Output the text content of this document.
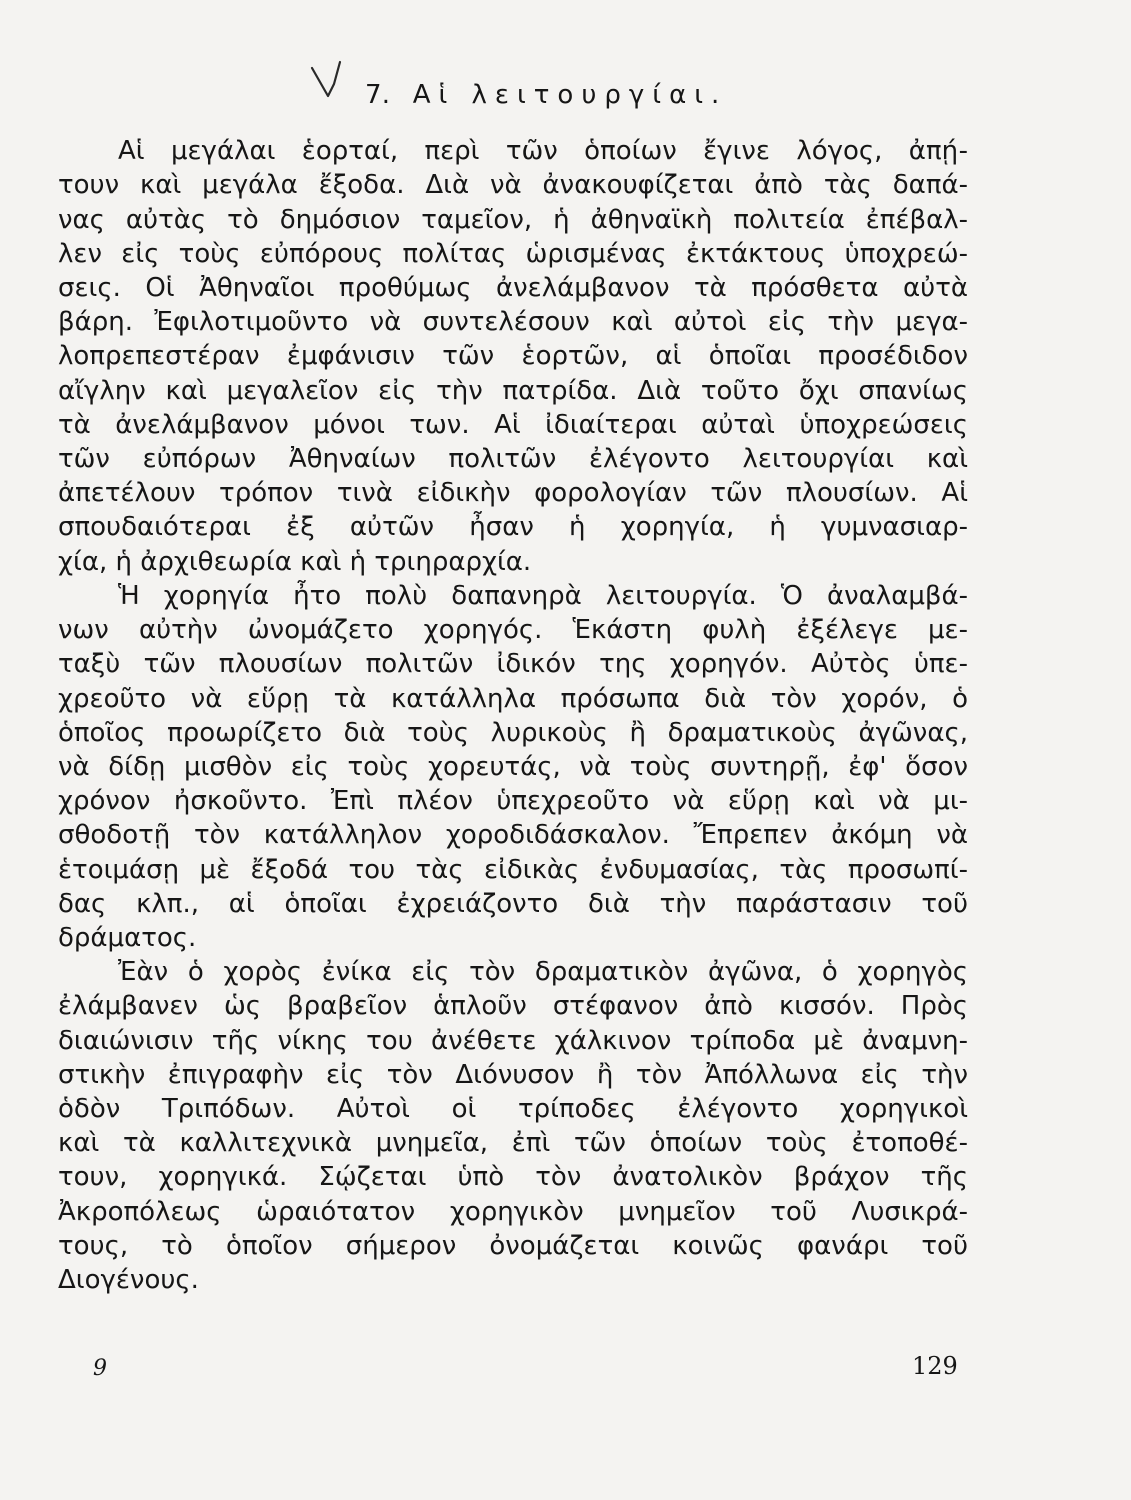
7. Αἱ λειτουργίαι.
Αἱ μεγάλαι ἑορταί, περὶ τῶν ὁποίων ἔγινε λόγος, ἀπῄ-
τουν καὶ μεγάλα ἔξοδα. Διὰ νὰ ἀνακουφίζεται ἀπὸ τὰς δαπά-
νας αὐτὰς τὸ δημόσιον ταμεῖον, ἡ ἀθηναϊκὴ πολιτεία ἐπέβαλ-
λεν εἰς τοὺς εὐπόρους πολίτας ὡρισμένας ἐκτάκτους ὑποχρεώ-
σεις. Οἱ Ἀθηναῖοι προθύμως ἀνελάμβανον τὰ πρόσθετα αὐτὰ
βάρη. Ἐφιλοτιμοῦντο νὰ συντελέσουν καὶ αὐτοὶ εἰς τὴν μεγα-
λοπρεπεστέραν ἐμφάνισιν τῶν ἑορτῶν, αἱ ὁποῖαι προσέδιδον
αἴγλην καὶ μεγαλεῖον εἰς τὴν πατρίδα. Διὰ τοῦτο ὄχι σπανίως
τὰ ἀνελάμβανον μόνοι των. Αἱ ἰδιαίτεραι αὐταὶ ὑποχρεώσεις
τῶν εὐπόρων Ἀθηναίων πολιτῶν ἐλέγοντο λειτουργίαι καὶ
ἀπετέλουν τρόπον τινὰ εἰδικὴν φορολογίαν τῶν πλουσίων. Αἱ
σπουδαιότεραι ἐξ αὐτῶν ἦσαν ἡ χορηγία, ἡ γυμνασιαρ-
χία, ἡ ἀρχιθεωρία καὶ ἡ τριηραρχία.
Ἡ χορηγία ἦτο πολὺ δαπανηρὰ λειτουργία. Ὁ ἀναλαμβά-
νων αὐτὴν ὠνομάζετο χορηγός. Ἑκάστη φυλὴ ἐξέλεγε με-
ταξὺ τῶν πλουσίων πολιτῶν ἰδικόν της χορηγόν. Αὐτὸς ὑπε-
χρεοῦτο νὰ εὕρῃ τὰ κατάλληλα πρόσωπα διὰ τὸν χορόν, ὁ
ὁποῖος προωρίζετο διὰ τοὺς λυρικοὺς ἢ δραματικοὺς ἀγῶνας,
νὰ δίδῃ μισθὸν εἰς τοὺς χορευτάς, νὰ τοὺς συντηρῇ, ἐφ' ὅσον
χρόνον ἠσκοῦντο. Ἐπὶ πλέον ὑπεχρεοῦτο νὰ εὕρῃ καὶ νὰ μι-
σθοδοτῇ τὸν κατάλληλον χοροδιδάσκαλον. Ἔπρεπεν ἀκόμη νὰ
ἑτοιμάσῃ μὲ ἔξοδά του τὰς εἰδικὰς ἐνδυμασίας, τὰς προσωπί-
δας κλπ., αἱ ὁποῖαι ἐχρειάζοντο διὰ τὴν παράστασιν τοῦ
δράματος.
Ἐὰν ὁ χορὸς ἐνίκα εἰς τὸν δραματικὸν ἀγῶνα, ὁ χορηγὸς
ἐλάμβανεν ὡς βραβεῖον ἁπλοῦν στέφανον ἀπὸ κισσόν. Πρὸς
διαιώνισιν τῆς νίκης του ἀνέθετε χάλκινον τρίποδα μὲ ἀναμνη-
στικὴν ἐπιγραφὴν εἰς τὸν Διόνυσον ἢ τὸν Ἀπόλλωνα εἰς τὴν
ὁδὸν Τριπόδων. Αὐτοὶ οἱ τρίποδες ἐλέγοντο χορηγικοὶ
καὶ τὰ καλλιτεχνικὰ μνημεῖα, ἐπὶ τῶν ὁποίων τοὺς ἐτοποθέ-
τουν, χορηγικά. Σῴζεται ὑπὸ τὸν ἀνατολικὸν βράχον τῆς
Ἀκροπόλεως ὡραιότατον χορηγικὸν μνημεῖον τοῦ Λυσικρά-
τους, τὸ ὁποῖον σήμερον ὀνομάζεται κοινῶς φανάρι τοῦ
Διογένους.
9	129
